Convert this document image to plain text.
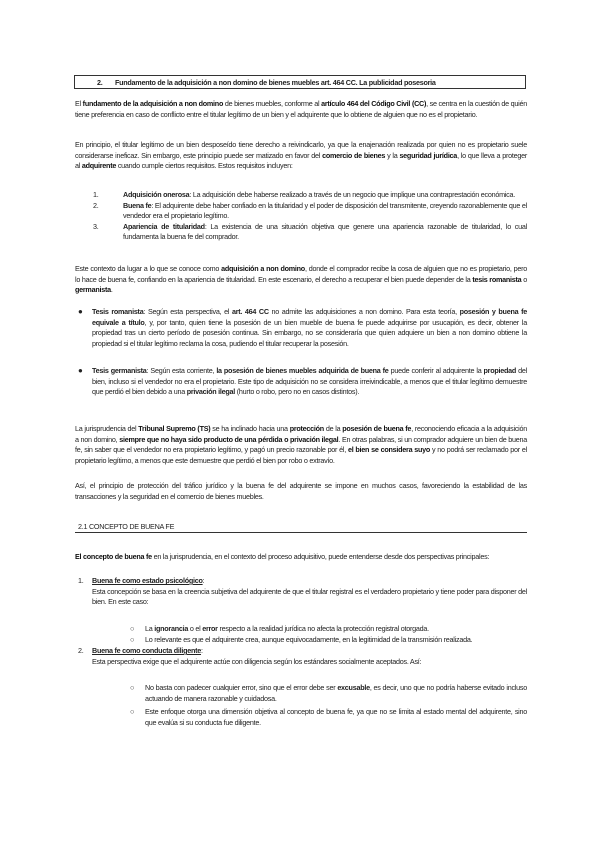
2. Fundamento de la adquisición a non domino de bienes muebles art. 464 CC. La publicidad posesoria

El fundamento de la adquisición a non domino de bienes muebles, conforme al artículo 464 del Código Civil (CC), se centra en la cuestión de quién tiene preferencia en caso de conflicto entre el titular legítimo de un bien y el adquirente que lo obtiene de alguien que no es el propietario.

En principio, el titular legítimo de un bien desposeído tiene derecho a reivindicarlo, ya que la enajenación realizada por quien no es propietario suele considerarse ineficaz. Sin embargo, este principio puede ser matizado en favor del comercio de bienes y la seguridad jurídica, lo que lleva a proteger al adquirente cuando cumple ciertos requisitos. Estos requisitos incluyen:

1.	Adquisición onerosa: La adquisición debe haberse realizado a través de un negocio que implique una contraprestación económica.
2.	Buena fe: El adquirente debe haber confiado en la titularidad y el poder de disposición del transmitente, creyendo razonablemente que el vendedor era el propietario legítimo.
3.	Apariencia de titularidad: La existencia de una situación objetiva que genere una apariencia razonable de titularidad, lo cual fundamenta la buena fe del comprador.

Este contexto da lugar a lo que se conoce como adquisición a non domino, donde el comprador recibe la cosa de alguien que no es propietario, pero lo hace de buena fe, confiando en la apariencia de titularidad. En este escenario, el derecho a recuperar el bien puede depender de la tesis romanista o germanista.

● Tesis romanista: Según esta perspectiva, el art. 464 CC no admite las adquisiciones a non domino. Para esta teoría, posesión y buena fe equivale a título, y, por tanto, quien tiene la posesión de un bien mueble de buena fe puede adquirirse por usucapión, es decir, obtener la propiedad tras un cierto período de posesión continua. Sin embargo, no se consideraría que quien adquiere un bien a non domino obtiene la propiedad si el titular legítimo reclama la cosa, pudiendo el titular recuperar la posesión.

● Tesis germanista: Según esta corriente, la posesión de bienes muebles adquirida de buena fe puede conferir al adquirente la propiedad del bien, incluso si el vendedor no era el propietario. Este tipo de adquisición no se considera irreivindicable, a menos que el titular legítimo demuestre que perdió el bien debido a una privación ilegal (hurto o robo, pero no en casos distintos).

La jurisprudencia del Tribunal Supremo (TS) se ha inclinado hacia una protección de la posesión de buena fe, reconociendo eficacia a la adquisición a non domino, siempre que no haya sido producto de una pérdida o privación ilegal. En otras palabras, si un comprador adquiere un bien de buena fe, sin saber que el vendedor no era propietario legítimo, y pagó un precio razonable por él, el bien se considera suyo y no podrá ser reclamado por el propietario legítimo, a menos que este demuestre que perdió el bien por robo o extravío.

Así, el principio de protección del tráfico jurídico y la buena fe del adquirente se impone en muchos casos, favoreciendo la estabilidad de las transacciones y la seguridad en el comercio de bienes muebles.

2.1 CONCEPTO DE BUENA FE

El concepto de buena fe en la jurisprudencia, en el contexto del proceso adquisitivo, puede entenderse desde dos perspectivas principales:

1. Buena fe como estado psicológico:
Esta concepción se basa en la creencia subjetiva del adquirente de que el titular registral es el verdadero propietario y tiene poder para disponer del bien. En este caso:

○ La ignorancia o el error respecto a la realidad jurídica no afecta la protección registral otorgada.

○ Lo relevante es que el adquirente crea, aunque equivocadamente, en la legitimidad de la transmisión realizada.

2. Buena fe como conducta diligente:
Esta perspectiva exige que el adquirente actúe con diligencia según los estándares socialmente aceptados. Así:

○ No basta con padecer cualquier error, sino que el error debe ser excusable, es decir, uno que no podría haberse evitado incluso actuando de manera razonable y cuidadosa.

○ Este enfoque otorga una dimensión objetiva al concepto de buena fe, ya que no se limita al estado mental del adquirente, sino que evalúa si su conducta fue diligente.
